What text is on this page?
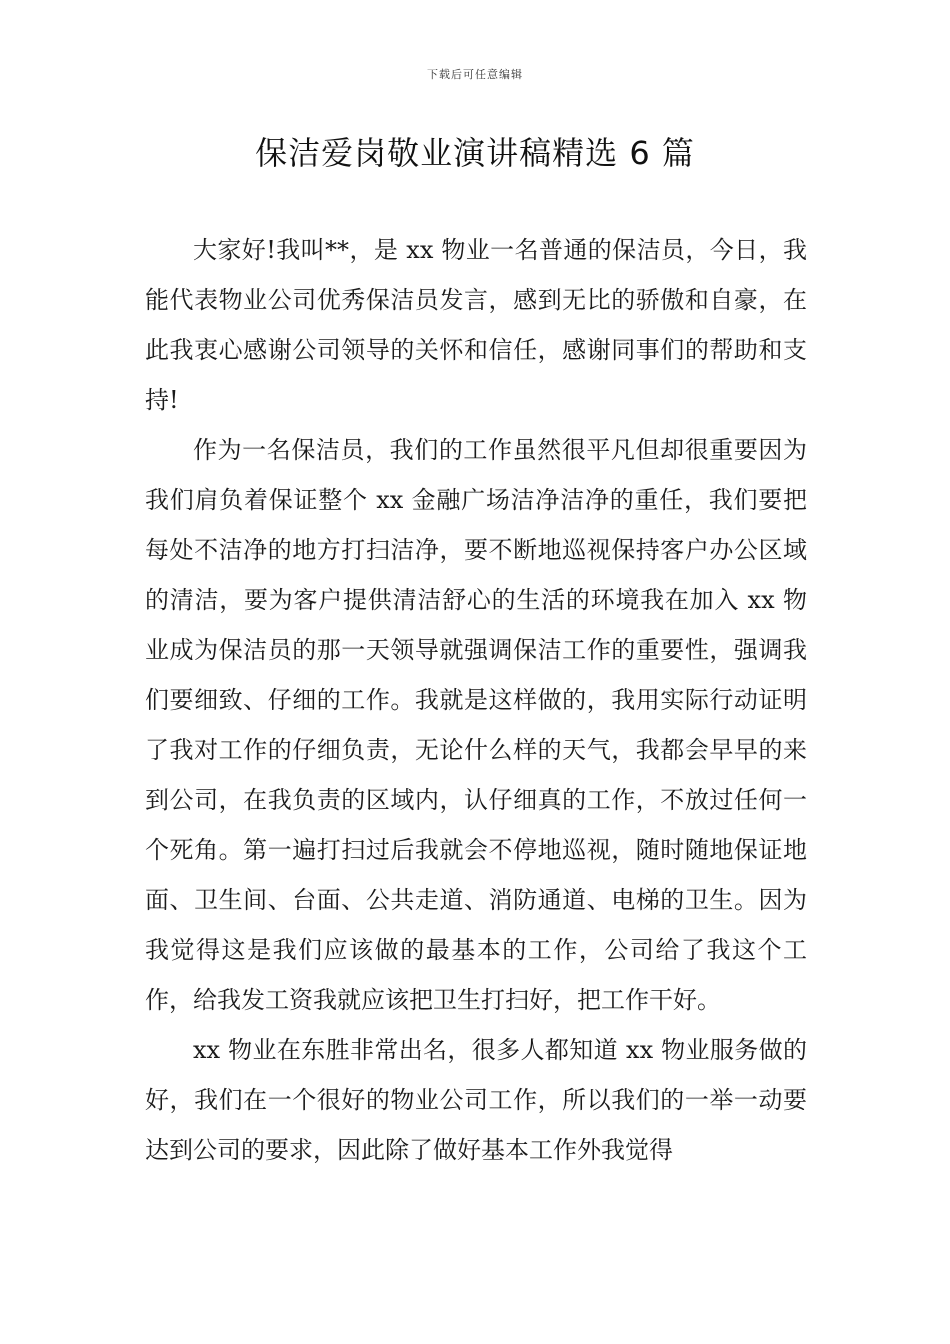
下载后可任意编辑
保洁爱岗敬业演讲稿精选 6 篇

大家好!我叫**，是 xx 物业一名普通的保洁员，今日，我能代表物业公司优秀保洁员发言，感到无比的骄傲和自豪，在此我衷心感谢公司领导的关怀和信任，感谢同事们的帮助和支持!

作为一名保洁员，我们的工作虽然很平凡但却很重要因为我们肩负着保证整个 xx 金融广场洁净洁净的重任，我们要把每处不洁净的地方打扫洁净，要不断地巡视保持客户办公区域的清洁，要为客户提供清洁舒心的生活的环境我在加入 xx 物业成为保洁员的那一天领导就强调保洁工作的重要性，强调我们要细致、仔细的工作。我就是这样做的，我用实际行动证明了我对工作的仔细负责，无论什么样的天气，我都会早早的来到公司，在我负责的区域内，认仔细真的工作，不放过任何一个死角。第一遍打扫过后我就会不停地巡视，随时随地保证地面、卫生间、台面、公共走道、消防通道、电梯的卫生。因为我觉得这是我们应该做的最基本的工作，公司给了我这个工作，给我发工资我就应该把卫生打扫好，把工作干好。

xx 物业在东胜非常出名，很多人都知道 xx 物业服务做的好，我们在一个很好的物业公司工作，所以我们的一举一动要达到公司的要求，因此除了做好基本工作外我觉得
